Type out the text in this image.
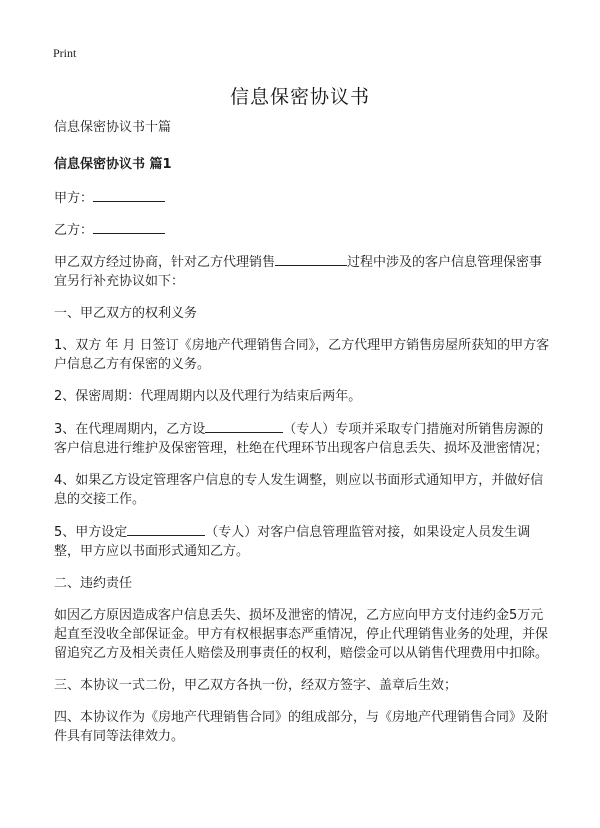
Print
信息保密协议书

信息保密协议书十篇

信息保密协议书 篇1

甲方：

乙方：

甲乙双方经过协商，针对乙方代理销售	过程中涉及的客户信息管理保密事宜另行补充协议如下：

一、甲乙双方的权利义务

1、双方 年 月 日签订《房地产代理销售合同》，乙方代理甲方销售房屋所获知的甲方客户信息乙方有保密的义务。

2、保密周期：代理周期内以及代理行为结束后两年。

3、在代理周期内，乙方设	（专人）专项并采取专门措施对所销售房源的客户信息进行维护及保密管理，杜绝在代理环节出现客户信息丢失、损坏及泄密情况；

4、如果乙方设定管理客户信息的专人发生调整，则应以书面形式通知甲方，并做好信息的交接工作。

5、甲方设定	（专人）对客户信息管理监管对接，如果设定人员发生调整，甲方应以书面形式通知乙方。

二、违约责任

如因乙方原因造成客户信息丢失、损坏及泄密的情况，乙方应向甲方支付违约金5万元起直至没收全部保证金。甲方有权根据事态严重情况，停止代理销售业务的处理，并保留追究乙方及相关责任人赔偿及刑事责任的权利，赔偿金可以从销售代理费用中扣除。

三、本协议一式二份，甲乙双方各执一份，经双方签字、盖章后生效；

四、本协议作为《房地产代理销售合同》的组成部分，与《房地产代理销售合同》及附件具有同等法律效力。
